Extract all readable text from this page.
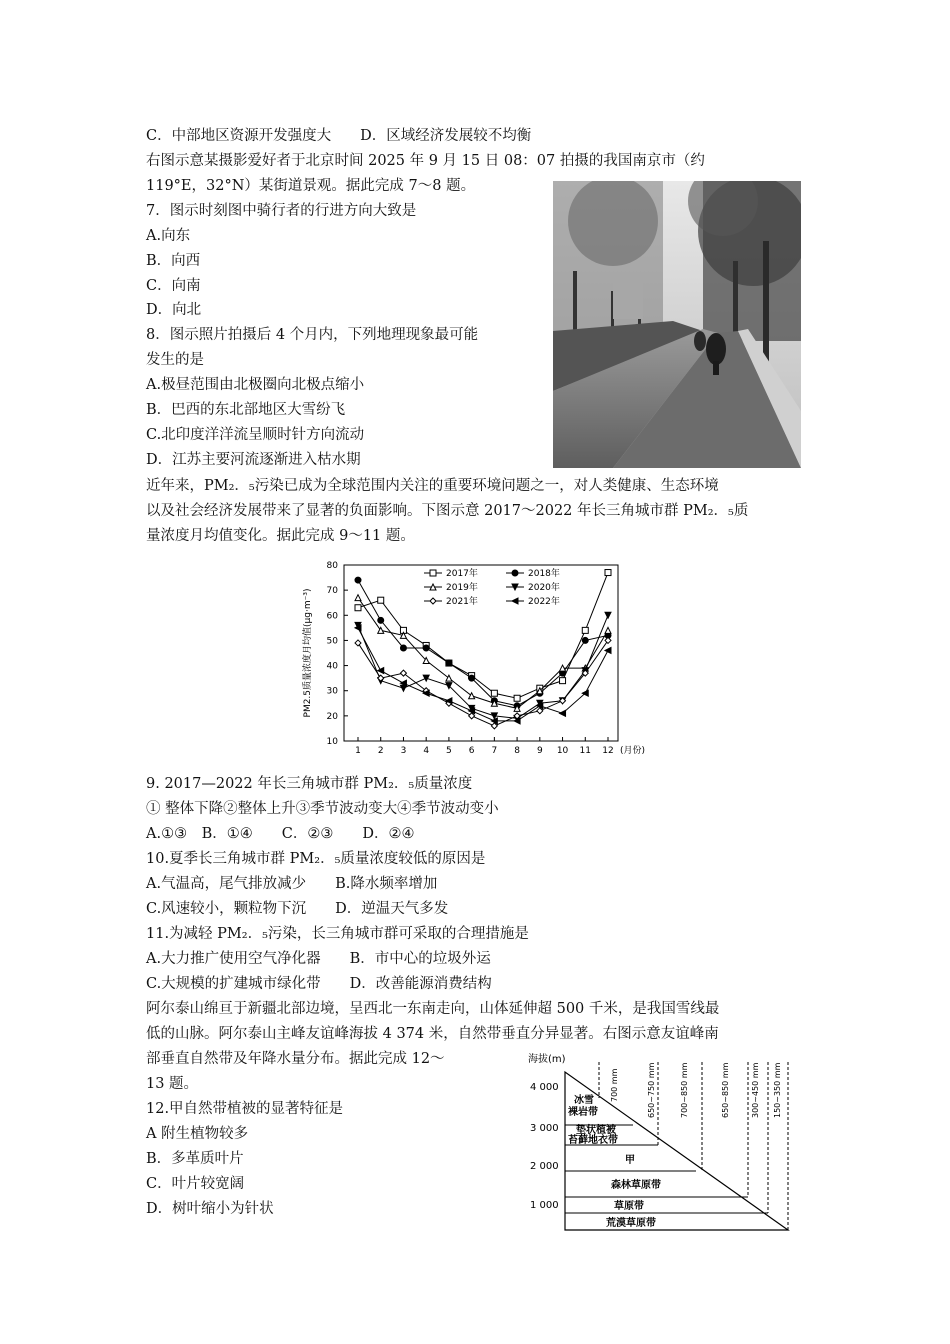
C．中部地区资源开发强度大　　D．区域经济发展较不均衡
右图示意某摄影爱好者于北京时间 2025 年 9 月 15 日 08：07 拍摄的我国南京市（约
119°E，32°N）某街道景观。据此完成 7～8 题。
7．图示时刻图中骑行者的行进方向大致是
A.向东
B．向西
C．向南
D．向北
8．图示照片拍摄后 4 个月内，下列地理现象最可能
发生的是
A.极昼范围由北极圈向北极点缩小
B．巴西的东北部地区大雪纷飞
C.北印度洋洋流呈顺时针方向流动
D．江苏主要河流逐渐进入枯水期
近年来，PM₂．₅污染已成为全球范围内关注的重要环境问题之一，对人类健康、生态环境
以及社会经济发展带来了显著的负面影响。下图示意 2017～2022 年长三角城市群 PM₂．₅质
量浓度月均值变化。据此完成 9～11 题。
9. 2017—2022 年长三角城市群 PM₂．₅质量浓度
① 整体下降②整体上升③季节波动变大④季节波动变小
A.①③　B．①④　　C．②③　　D．②④
10.夏季长三角城市群 PM₂．₅质量浓度较低的原因是
A.气温高，尾气排放减少　　B.降水频率增加
C.风速较小，颗粒物下沉　　D．逆温天气多发
11.为减轻 PM₂．₅污染，长三角城市群可采取的合理措施是
A.大力推广使用空气净化器　　B．市中心的垃圾外运
C.大规模的扩建城市绿化带　　D．改善能源消费结构
阿尔泰山绵亘于新疆北部边境，呈西北一东南走向，山体延伸超 500 千米，是我国雪线最
低的山脉。阿尔泰山主峰友谊峰海拔 4 374 米，自然带垂直分异显著。右图示意友谊峰南
部垂直自然带及年降水量分布。据此完成 12～
13 题。
12.甲自然带植被的显著特征是
A 附生植物较多
B．多革质叶片
C．叶片较宽阔
D．树叶缩小为针状
10
20
30
40
50
60
70
80
1 2 3 4 5 6 7 8 9 10 11 12 (月份)
PM2.5质量浓度月均值(μg·m⁻³)
2017年	2018年
2019年	2020年
2021年	2022年
海拔(m)
4 000
3 000
2 000
1 000
700 mm	650~750 mm	700~850 mm	650~850 mm	300~450 mm 150~350 mm
冰雪
裸岩带
垫状植被
苔藓地衣带
甲
森林草原带
草原带
荒漠草原带
